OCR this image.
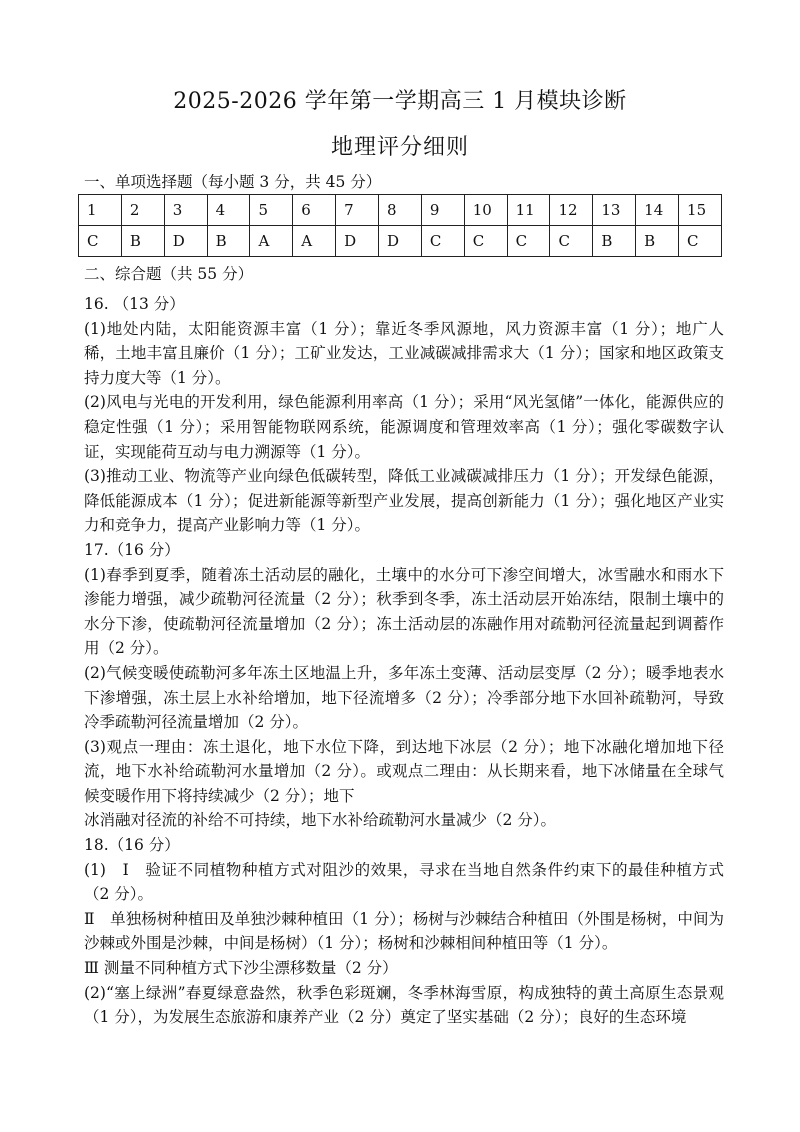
2025-2026 学年第一学期高三 1 月模块诊断
地理评分细则
一、单项选择题（每小题 3 分，共 45 分）
1	2	3	4	5	6	7	8	9	10	11	12	13	14	15
C	B	D	B	A	A	D	D	C	C	C	C	B	B	C
二、综合题（共 55 分）

16. （13 分）

(1)地处内陆，太阳能资源丰富（1 分）；靠近冬季风源地，风力资源丰富（1 分）；地广人稀，土地丰富且廉价（1 分）；工矿业发达，工业减碳减排需求大（1 分）；国家和地区政策支持力度大等（1 分）。

(2)风电与光电的开发利用，绿色能源利用率高（1 分）；采用“风光氢储”一体化，能源供应的稳定性强（1 分）；采用智能物联网系统，能源调度和管理效率高（1 分）；强化零碳数字认证，实现能荷互动与电力溯源等（1 分）。

(3)推动工业、物流等产业向绿色低碳转型，降低工业减碳减排压力（1 分）；开发绿色能源，降低能源成本（1 分）；促进新能源等新型产业发展，提高创新能力（1 分）；强化地区产业实力和竞争力，提高产业影响力等（1 分）。

17.（16 分）

(1)春季到夏季，随着冻土活动层的融化，土壤中的水分可下渗空间增大，冰雪融水和雨水下渗能力增强，减少疏勒河径流量（2 分）；秋季到冬季，冻土活动层开始冻结，限制土壤中的水分下渗，使疏勒河径流量增加（2 分）；冻土活动层的冻融作用对疏勒河径流量起到调蓄作用（2 分）。

(2)气候变暖使疏勒河多年冻土区地温上升，多年冻土变薄、活动层变厚（2 分）；暖季地表水下渗增强，冻土层上水补给增加，地下径流增多（2 分）；冷季部分地下水回补疏勒河，导致冷季疏勒河径流量增加（2 分）。

(3)观点一理由：冻土退化，地下水位下降，到达地下冰层（2 分）；地下冰融化增加地下径流，地下水补给疏勒河水量增加（2 分）。或观点二理由：从长期来看，地下冰储量在全球气候变暖作用下将持续减少（2 分）；地下

冰消融对径流的补给不可持续，地下水补给疏勒河水量减少（2 分）。

18.（16 分）

(1)　Ⅰ　验证不同植物种植方式对阻沙的效果，寻求在当地自然条件约束下的最佳种植方式（2 分）。

Ⅱ　单独杨树种植田及单独沙棘种植田（1 分）；杨树与沙棘结合种植田（外围是杨树，中间为沙棘或外围是沙棘，中间是杨树）（1 分）；杨树和沙棘相间种植田等（1 分）。

Ⅲ 测量不同种植方式下沙尘漂移数量（2 分）

(2)“塞上绿洲”春夏绿意盎然，秋季色彩斑斓，冬季林海雪原，构成独特的黄土高原生态景观（1 分），为发展生态旅游和康养产业（2 分）奠定了坚实基础（2 分）；良好的生态环境
